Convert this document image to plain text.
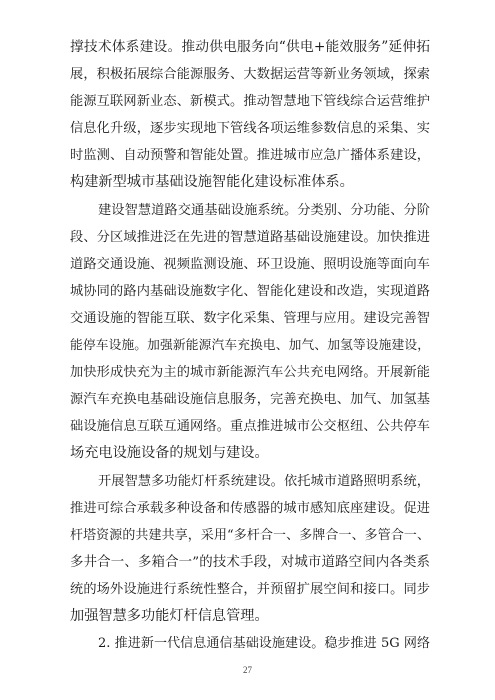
撑技术体系建设。推动供电服务向“供电+能效服务”延伸拓
展，积极拓展综合能源服务、大数据运营等新业务领域，探索
能源互联网新业态、新模式。推动智慧地下管线综合运营维护
信息化升级，逐步实现地下管线各项运维参数信息的采集、实
时监测、自动预警和智能处置。推进城市应急广播体系建设，
构建新型城市基础设施智能化建设标准体系。
建设智慧道路交通基础设施系统。分类别、分功能、分阶
段、分区域推进泛在先进的智慧道路基础设施建设。加快推进
道路交通设施、视频监测设施、环卫设施、照明设施等面向车
城协同的路内基础设施数字化、智能化建设和改造，实现道路
交通设施的智能互联、数字化采集、管理与应用。建设完善智
能停车设施。加强新能源汽车充换电、加气、加氢等设施建设，
加快形成快充为主的城市新能源汽车公共充电网络。开展新能
源汽车充换电基础设施信息服务，完善充换电、加气、加氢基
础设施信息互联互通网络。重点推进城市公交枢纽、公共停车
场充电设施设备的规划与建设。
开展智慧多功能灯杆系统建设。依托城市道路照明系统，
推进可综合承载多种设备和传感器的城市感知底座建设。促进
杆塔资源的共建共享，采用“多杆合一、多牌合一、多管合一、
多井合一、多箱合一”的技术手段，对城市道路空间内各类系
统的场外设施进行系统性整合，并预留扩展空间和接口。同步
加强智慧多功能灯杆信息管理。
2. 推进新一代信息通信基础设施建设。稳步推进 5G 网络
27
